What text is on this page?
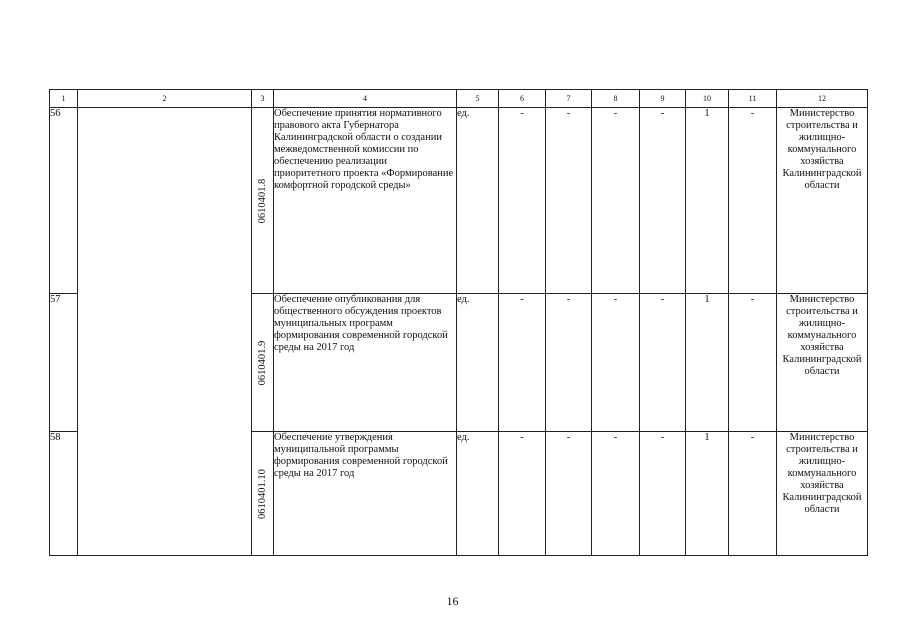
1	2	3	4	5	6	7	8	9	10	11	12
56		0610401.8	Обеспечение принятия нормативного правового акта Губернатора Калининградской области о создании межведомственной комиссии по обеспечению реализации приоритетного проекта «Формирование комфортной городской среды»	ед.	-	-	-	-	1	-	Министерство строительства и жилищно-коммунального хозяйства Калининградской области
57		0610401.9	Обеспечение опубликования для общественного обсуждения проектов муниципальных программ формирования современной городской среды на 2017 год	ед.	-	-	-	-	1	-	Министерство строительства и жилищно-коммунального хозяйства Калининградской области
58		0610401.10	Обеспечение утверждения муниципальной программы формирования современной городской среды на 2017 год	ед.	-	-	-	-	1	-	Министерство строительства и жилищно-коммунального хозяйства Калининградской области
16
